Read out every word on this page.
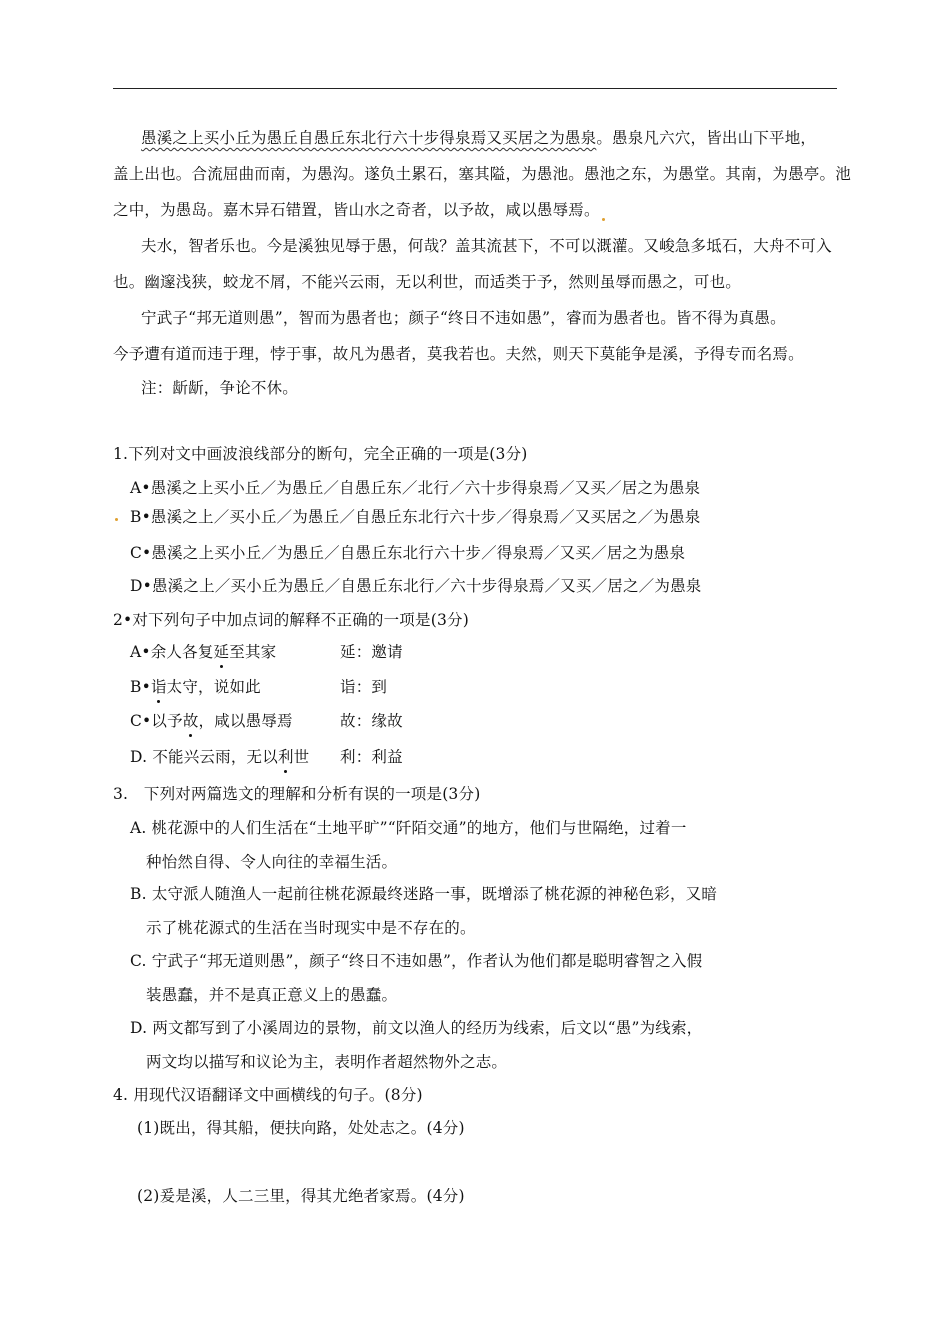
愚溪之上买小丘为愚丘自愚丘东北行六十步得泉焉又买居之为愚泉。愚泉凡六穴，皆出山下平地，
盖上出也。合流屈曲而南，为愚沟。遂负土累石，塞其隘，为愚池。愚池之东，为愚堂。其南，为愚亭。池
之中，为愚岛。嘉木异石错置，皆山水之奇者，以予故，咸以愚辱焉。
夫水，智者乐也。今是溪独见辱于愚，何哉？盖其流甚下，不可以溉灌。又峻急多坻石，大舟不可入
也。幽邃浅狭，蛟龙不屑，不能兴云雨，无以利世，而适类于予，然则虽辱而愚之，可也。
宁武子“邦无道则愚”，智而为愚者也；颜子“终日不违如愚”，睿而为愚者也。皆不得为真愚。
今予遭有道而违于理，悖于事，故凡为愚者，莫我若也。夫然，则天下莫能争是溪，予得专而名焉。
注：龂龂，争论不休。
1.下列对文中画波浪线部分的断句，完全正确的一项是(3分)
A•愚溪之上买小丘／为愚丘／自愚丘东／北行／六十步得泉焉／又买／居之为愚泉
B•愚溪之上／买小丘／为愚丘／自愚丘东北行六十步／得泉焉／又买居之／为愚泉
C•愚溪之上买小丘／为愚丘／自愚丘东北行六十步／得泉焉／又买／居之为愚泉
D•愚溪之上／买小丘为愚丘／自愚丘东北行／六十步得泉焉／又买／居之／为愚泉
2•对下列句子中加点词的解释不正确的一项是(3分)
A•余人各复延至其家	延：邀请
B•诣太守，说如此	诣：到
C•以予故，咸以愚辱焉	故：缘故
D. 不能兴云雨，无以利世 利：利益
3.　下列对两篇选文的理解和分析有误的一项是(3分)
A. 桃花源中的人们生活在“土地平旷”“阡陌交通”的地方，他们与世隔绝，过着一
种怡然自得、令人向往的幸福生活。
B. 太守派人随渔人一起前往桃花源最终迷路一事，既增添了桃花源的神秘色彩，又暗
示了桃花源式的生活在当时现实中是不存在的。
C. 宁武子“邦无道则愚”，颜子“终日不违如愚”，作者认为他们都是聪明睿智之入假
装愚蠢，并不是真正意义上的愚蠢。
D. 两文都写到了小溪周边的景物，前文以渔人的经历为线索，后文以“愚”为线索，
两文均以描写和议论为主，表明作者超然物外之志。
4. 用现代汉语翻译文中画横线的句子。(8分)
(1)既出，得其船，便扶向路，处处志之。(4分)
(2)爰是溪，人二三里，得其尤绝者家焉。(4分)
